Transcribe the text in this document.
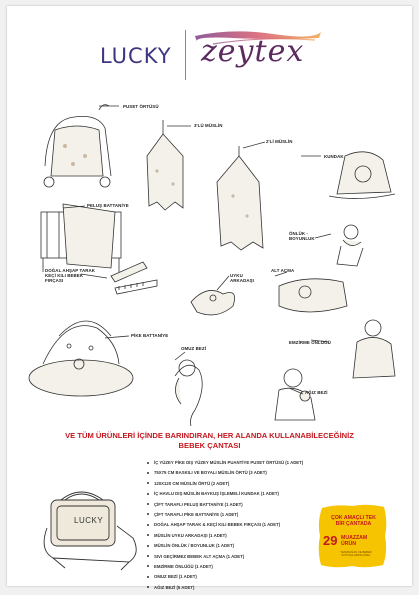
LUCKY zeytex
PUSET ÖRTÜSÜ
3'LÜ MÜSLİN
2'Lİ MÜSLİN
KUNDAK
PELUŞ BATTANİYE
ÖNLÜK - BOYUNLUK
DOĞAL AHŞAP TARAK KEÇİ KILI BEBEK FIRÇASI
UYKU ARKADAŞI
ALT AÇMA
PİKE BATTANİYE
EMZİRME ÖNLÜĞÜ
OMUZ BEZİ
AĞIZ BEZİ
VE TÜM ÜRÜNLERİ İÇİNDE BARINDIRAN, HER ALANDA KULLANABİLECEĞİNİZ
BEBEK ÇANTASI
LUCKY
İÇ YÜZEY PİKE DIŞ YÜZEY MÜSLİN PUANTİYE PUSET ÖRTÜSÜ (1 ADET)
75X75 CM BASKILI VE BOYALI MÜSLİN ÖRTÜ (3 ADET)
120X120 CM MÜSLİN ÖRTÜ (2 ADET)
İÇ HAVLU DIŞ MÜSLİN BAYKUŞ İŞLEMELİ KUNDAK (1 ADET)
ÇİFT TARAFLI PELUŞ BATTANİYE (1 ADET)
ÇİFT TARAFLI PİKE BATTANİYE (1 ADET)
DOĞAL AHŞAP TARAK & KEÇİ KILI BEBEK FIRÇASI (1 ADET)
MÜSLİN UYKU ARKADAŞI (1 ADET)
MÜSLİN ÖNLÜK / BOYUNLUK (1 ADET)
SIVI GEÇİRMEZ BEBEK ALT AÇMA (1 ADET)
EMZİRME ÖNLÜĞÜ (1 ADET)
OMUZ BEZİ (1 ADET)
AĞIZ BEZİ (5 ADET)
ÇOK AMAÇLI TEK BİR ÇANTADA
29 MUAZZAM ÜRÜN
YENİDOĞAN VE BEBEK İHTİYAÇLARINA ÖZEL
